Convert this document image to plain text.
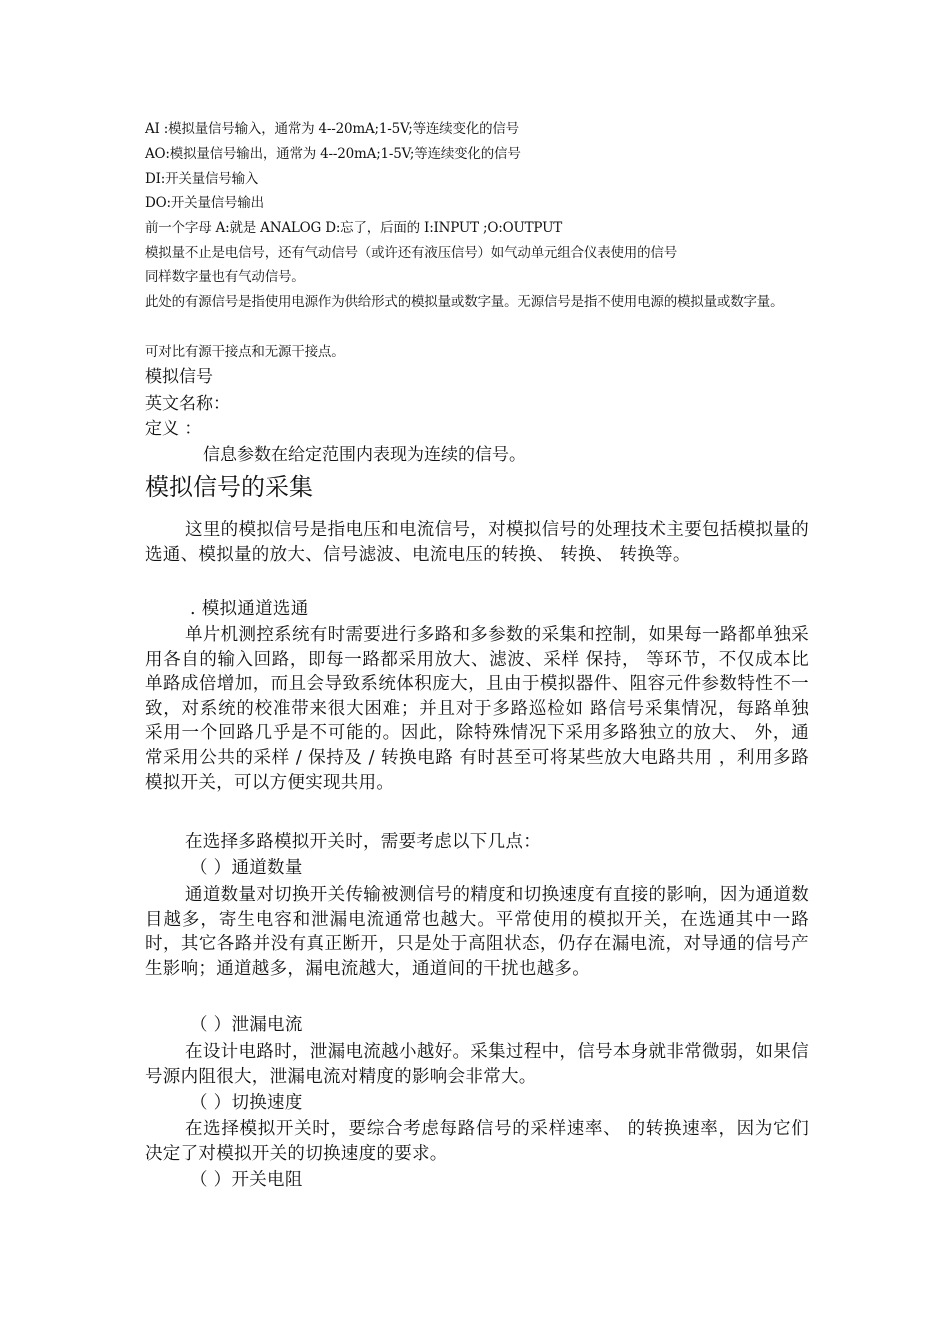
AI :模拟量信号输入，通常为 4--20mA;1-5V;等连续变化的信号
AO:模拟量信号输出，通常为 4--20mA;1-5V;等连续变化的信号
DI:开关量信号输入
DO:开关量信号输出
前一个字母 A:就是 ANALOG D:忘了，后面的 I:INPUT ;O:OUTPUT
模拟量不止是电信号，还有气动信号（或许还有液压信号）如气动单元组合仪表使用的信号
同样数字量也有气动信号。
此处的有源信号是指使用电源作为供给形式的模拟量或数字量。无源信号是指不使用电源的模拟量或数字量。
可对比有源干接点和无源干接点。
模拟信号
英文名称：
定义 ：
信息参数在给定范围内表现为连续的信号。
模拟信号的采集
这里的模拟信号是指电压和电流信号，对模拟信号的处理技术主要包括模拟量的选通、模拟量的放大、信号滤波、电流电压的转换、 转换、 转换等。
. 模拟通道选通
单片机测控系统有时需要进行多路和多参数的采集和控制，如果每一路都单独采用各自的输入回路，即每一路都采用放大、滤波、采样 保持， 等环节，不仅成本比单路成倍增加，而且会导致系统体积庞大，且由于模拟器件、阻容元件参数特性不一致，对系统的校准带来很大困难；并且对于多路巡检如 路信号采集情况，每路单独采用一个回路几乎是不可能的。因此，除特殊情况下采用多路独立的放大、 外，通常采用公共的采样 / 保持及 / 转换电路 有时甚至可将某些放大电路共用 ，利用多路模拟开关，可以方便实现共用。
在选择多路模拟开关时，需要考虑以下几点：
（ ）通道数量
通道数量对切换开关传输被测信号的精度和切换速度有直接的影响，因为通道数目越多，寄生电容和泄漏电流通常也越大。平常使用的模拟开关，在选通其中一路时，其它各路并没有真正断开，只是处于高阻状态，仍存在漏电流，对导通的信号产生影响；通道越多，漏电流越大，通道间的干扰也越多。
（ ）泄漏电流
在设计电路时，泄漏电流越小越好。采集过程中，信号本身就非常微弱，如果信号源内阻很大，泄漏电流对精度的影响会非常大。
（ ）切换速度
在选择模拟开关时，要综合考虑每路信号的采样速率、 的转换速率，因为它们决定了对模拟开关的切换速度的要求。
（ ）开关电阻
